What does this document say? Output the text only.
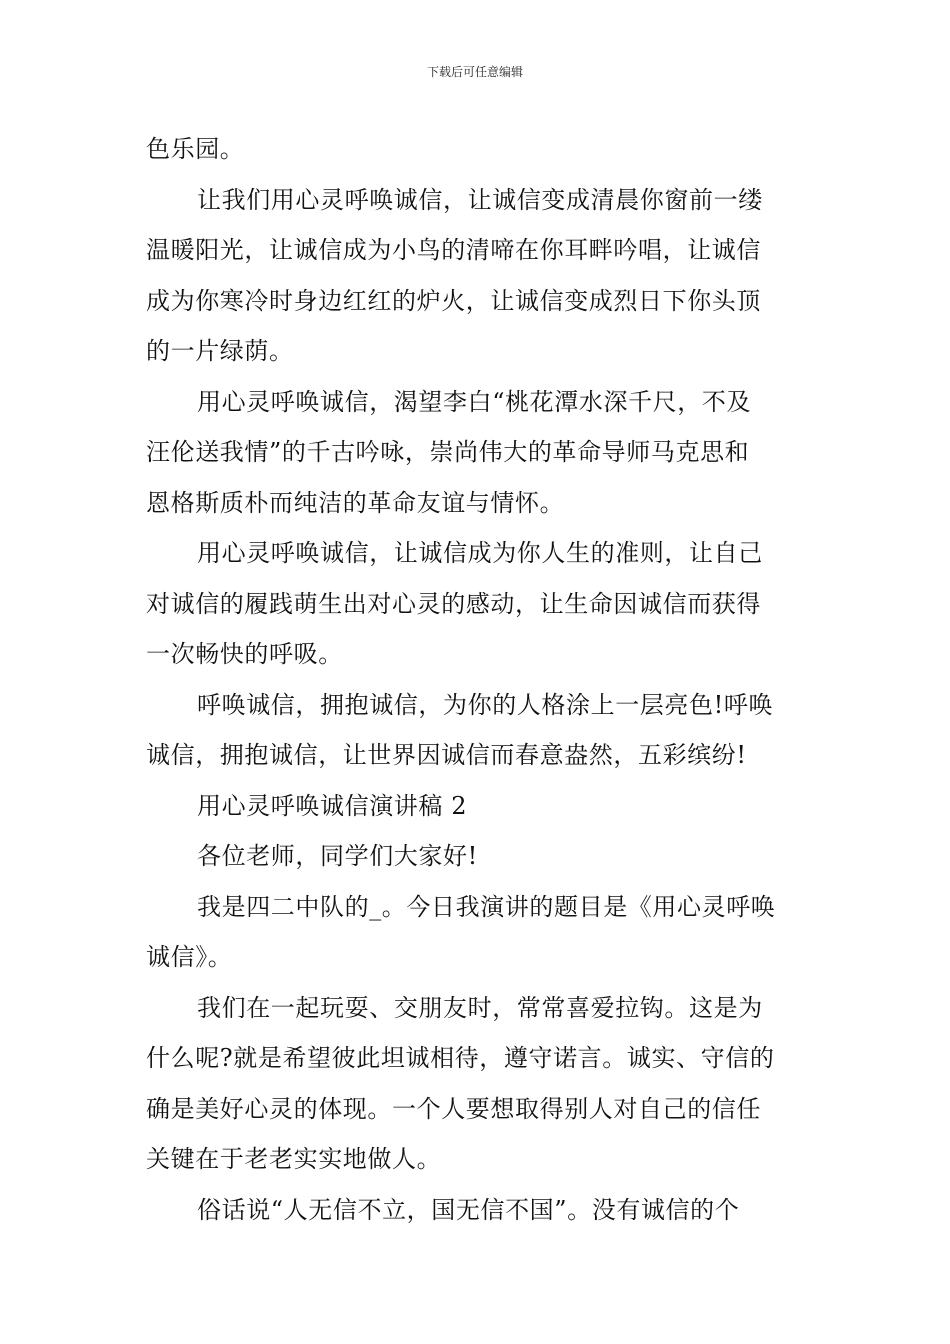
下载后可任意编辑
色乐园。
让我们用心灵呼唤诚信，让诚信变成清晨你窗前一缕
温暖阳光，让诚信成为小鸟的清啼在你耳畔吟唱，让诚信
成为你寒冷时身边红红的炉火，让诚信变成烈日下你头顶
的一片绿荫。
用心灵呼唤诚信，渴望李白“桃花潭水深千尺，不及
汪伦送我情”的千古吟咏，崇尚伟大的革命导师马克思和
恩格斯质朴而纯洁的革命友谊与情怀。
用心灵呼唤诚信，让诚信成为你人生的准则，让自己
对诚信的履践萌生出对心灵的感动，让生命因诚信而获得
一次畅快的呼吸。
呼唤诚信，拥抱诚信，为你的人格涂上一层亮色!呼唤
诚信，拥抱诚信，让世界因诚信而春意盎然，五彩缤纷!
用心灵呼唤诚信演讲稿 2
各位老师，同学们大家好!
我是四二中队的_。今日我演讲的题目是《用心灵呼唤
诚信》。
我们在一起玩耍、交朋友时，常常喜爱拉钩。这是为
什么呢?就是希望彼此坦诚相待，遵守诺言。诚实、守信的
确是美好心灵的体现。一个人要想取得别人对自己的信任
关键在于老老实实地做人。
俗话说“人无信不立，国无信不国”。没有诚信的个
